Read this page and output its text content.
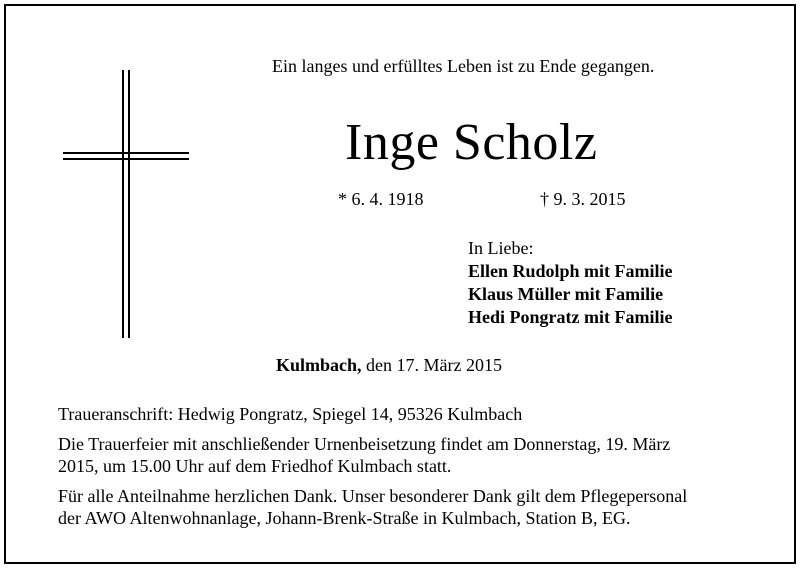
Ein langes und erfülltes Leben ist zu Ende gegangen.

Inge Scholz

* 6. 4. 1918	† 9. 3. 2015

In Liebe:
Ellen Rudolph mit Familie
Klaus Müller mit Familie
Hedi Pongratz mit Familie

Kulmbach, den 17. März 2015

Traueranschrift: Hedwig Pongratz, Spiegel 14, 95326 Kulmbach

Die Trauerfeier mit anschließender Urnenbeisetzung findet am Donnerstag, 19. März
2015, um 15.00 Uhr auf dem Friedhof Kulmbach statt.

Für alle Anteilnahme herzlichen Dank. Unser besonderer Dank gilt dem Pflegepersonal
der AWO Altenwohnanlage, Johann-Brenk-Straße in Kulmbach, Station B, EG.
